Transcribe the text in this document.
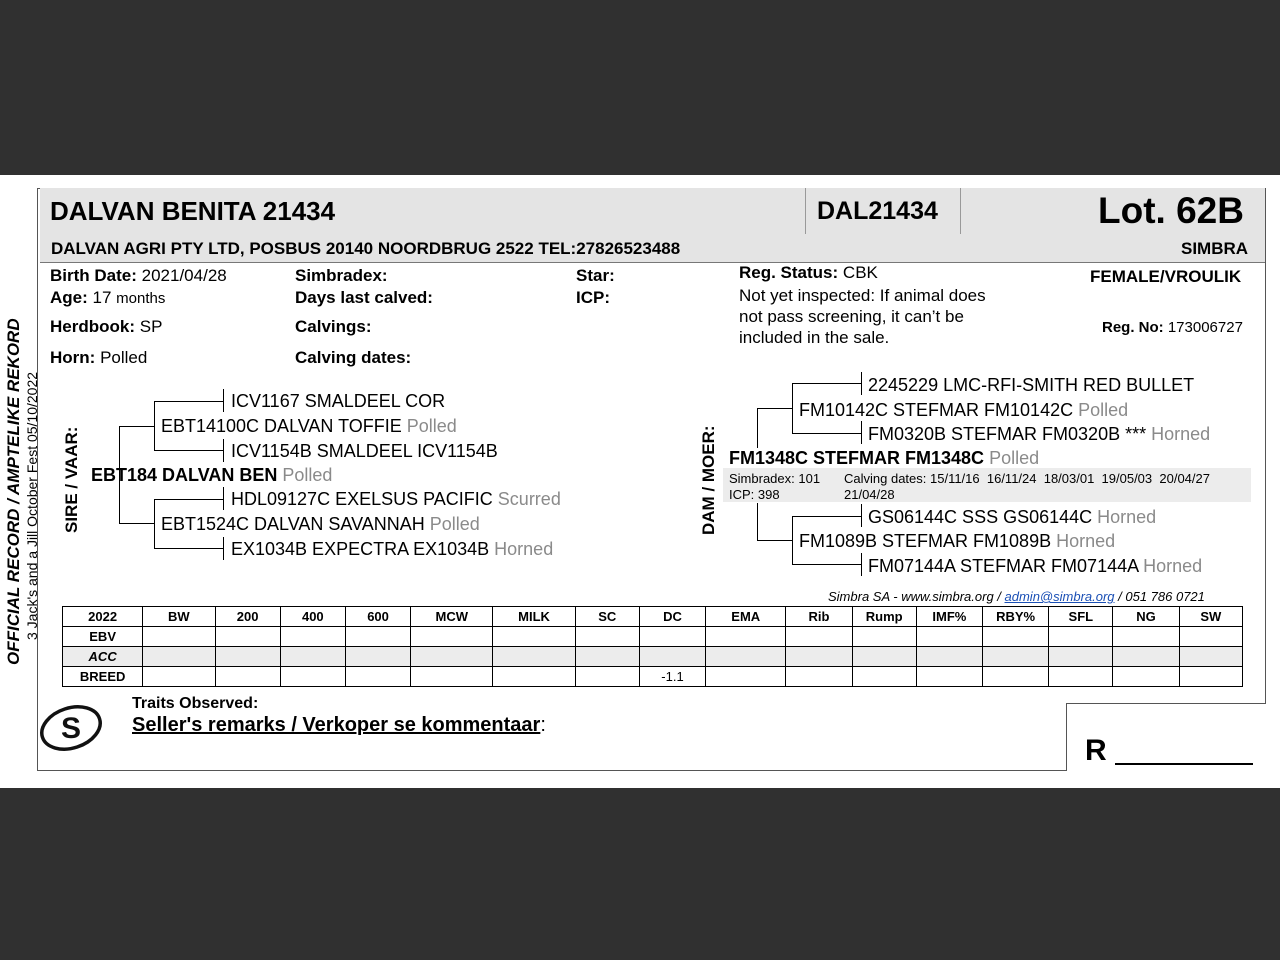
DALVAN BENITA 21434	DAL21434	Lot. 62B
DALVAN AGRI PTY LTD, POSBUS 20140 NOORDBRUG 2522 TEL:27826523488	SIMBRA
Birth Date: 2021/04/28
Age: 17 months
Herdbook: SP
Horn: Polled
Simbradex:
Days last calved:
Calvings:
Calving dates:
Star:
ICP:
Reg. Status: CBK
Not yet inspected: If animal does
not pass screening, it can’t be
included in the sale.
FEMALE/VROULIK
Reg. No: 173006727
OFFICIAL RECORD / AMPTELIKE REKORD 3 Jack's and a Jill October Fest 05/10/2022 SIRE / VAAR:
ICV1167 SMALDEEL COR
EBT14100C DALVAN TOFFIE Polled
ICV1154B SMALDEEL ICV1154B
EBT184 DALVAN BEN Polled
HDL09127C EXELSUS PACIFIC Scurred
EBT1524C DALVAN SAVANNAH Polled
EX1034B EXPECTRA EX1034B Horned
DAM / MOER:
2245229 LMC-RFI-SMITH RED BULLET
FM10142C STEFMAR FM10142C Polled
FM0320B STEFMAR FM0320B *** Horned
FM1348C STEFMAR FM1348C Polled
Simbradex: 101
ICP: 398
Calving dates: 15/11/16  16/11/24  18/03/01  19/05/03  20/04/27
21/04/28
GS06144C SSS GS06144C Horned
FM1089B STEFMAR FM1089B Horned
FM07144A STEFMAR FM07144A Horned
Simbra SA - www.simbra.org / admin@simbra.org / 051 786 0721
2022	BW	200	400	600	MCW	MILK	SC	DC	EMA	Rib	Rump	IMF%	RBY%	SFL	NG	SW
EBV																
ACC																
BREED								-1.1								
S
Traits Observed:
Seller's remarks / Verkoper se kommentaar:
R
